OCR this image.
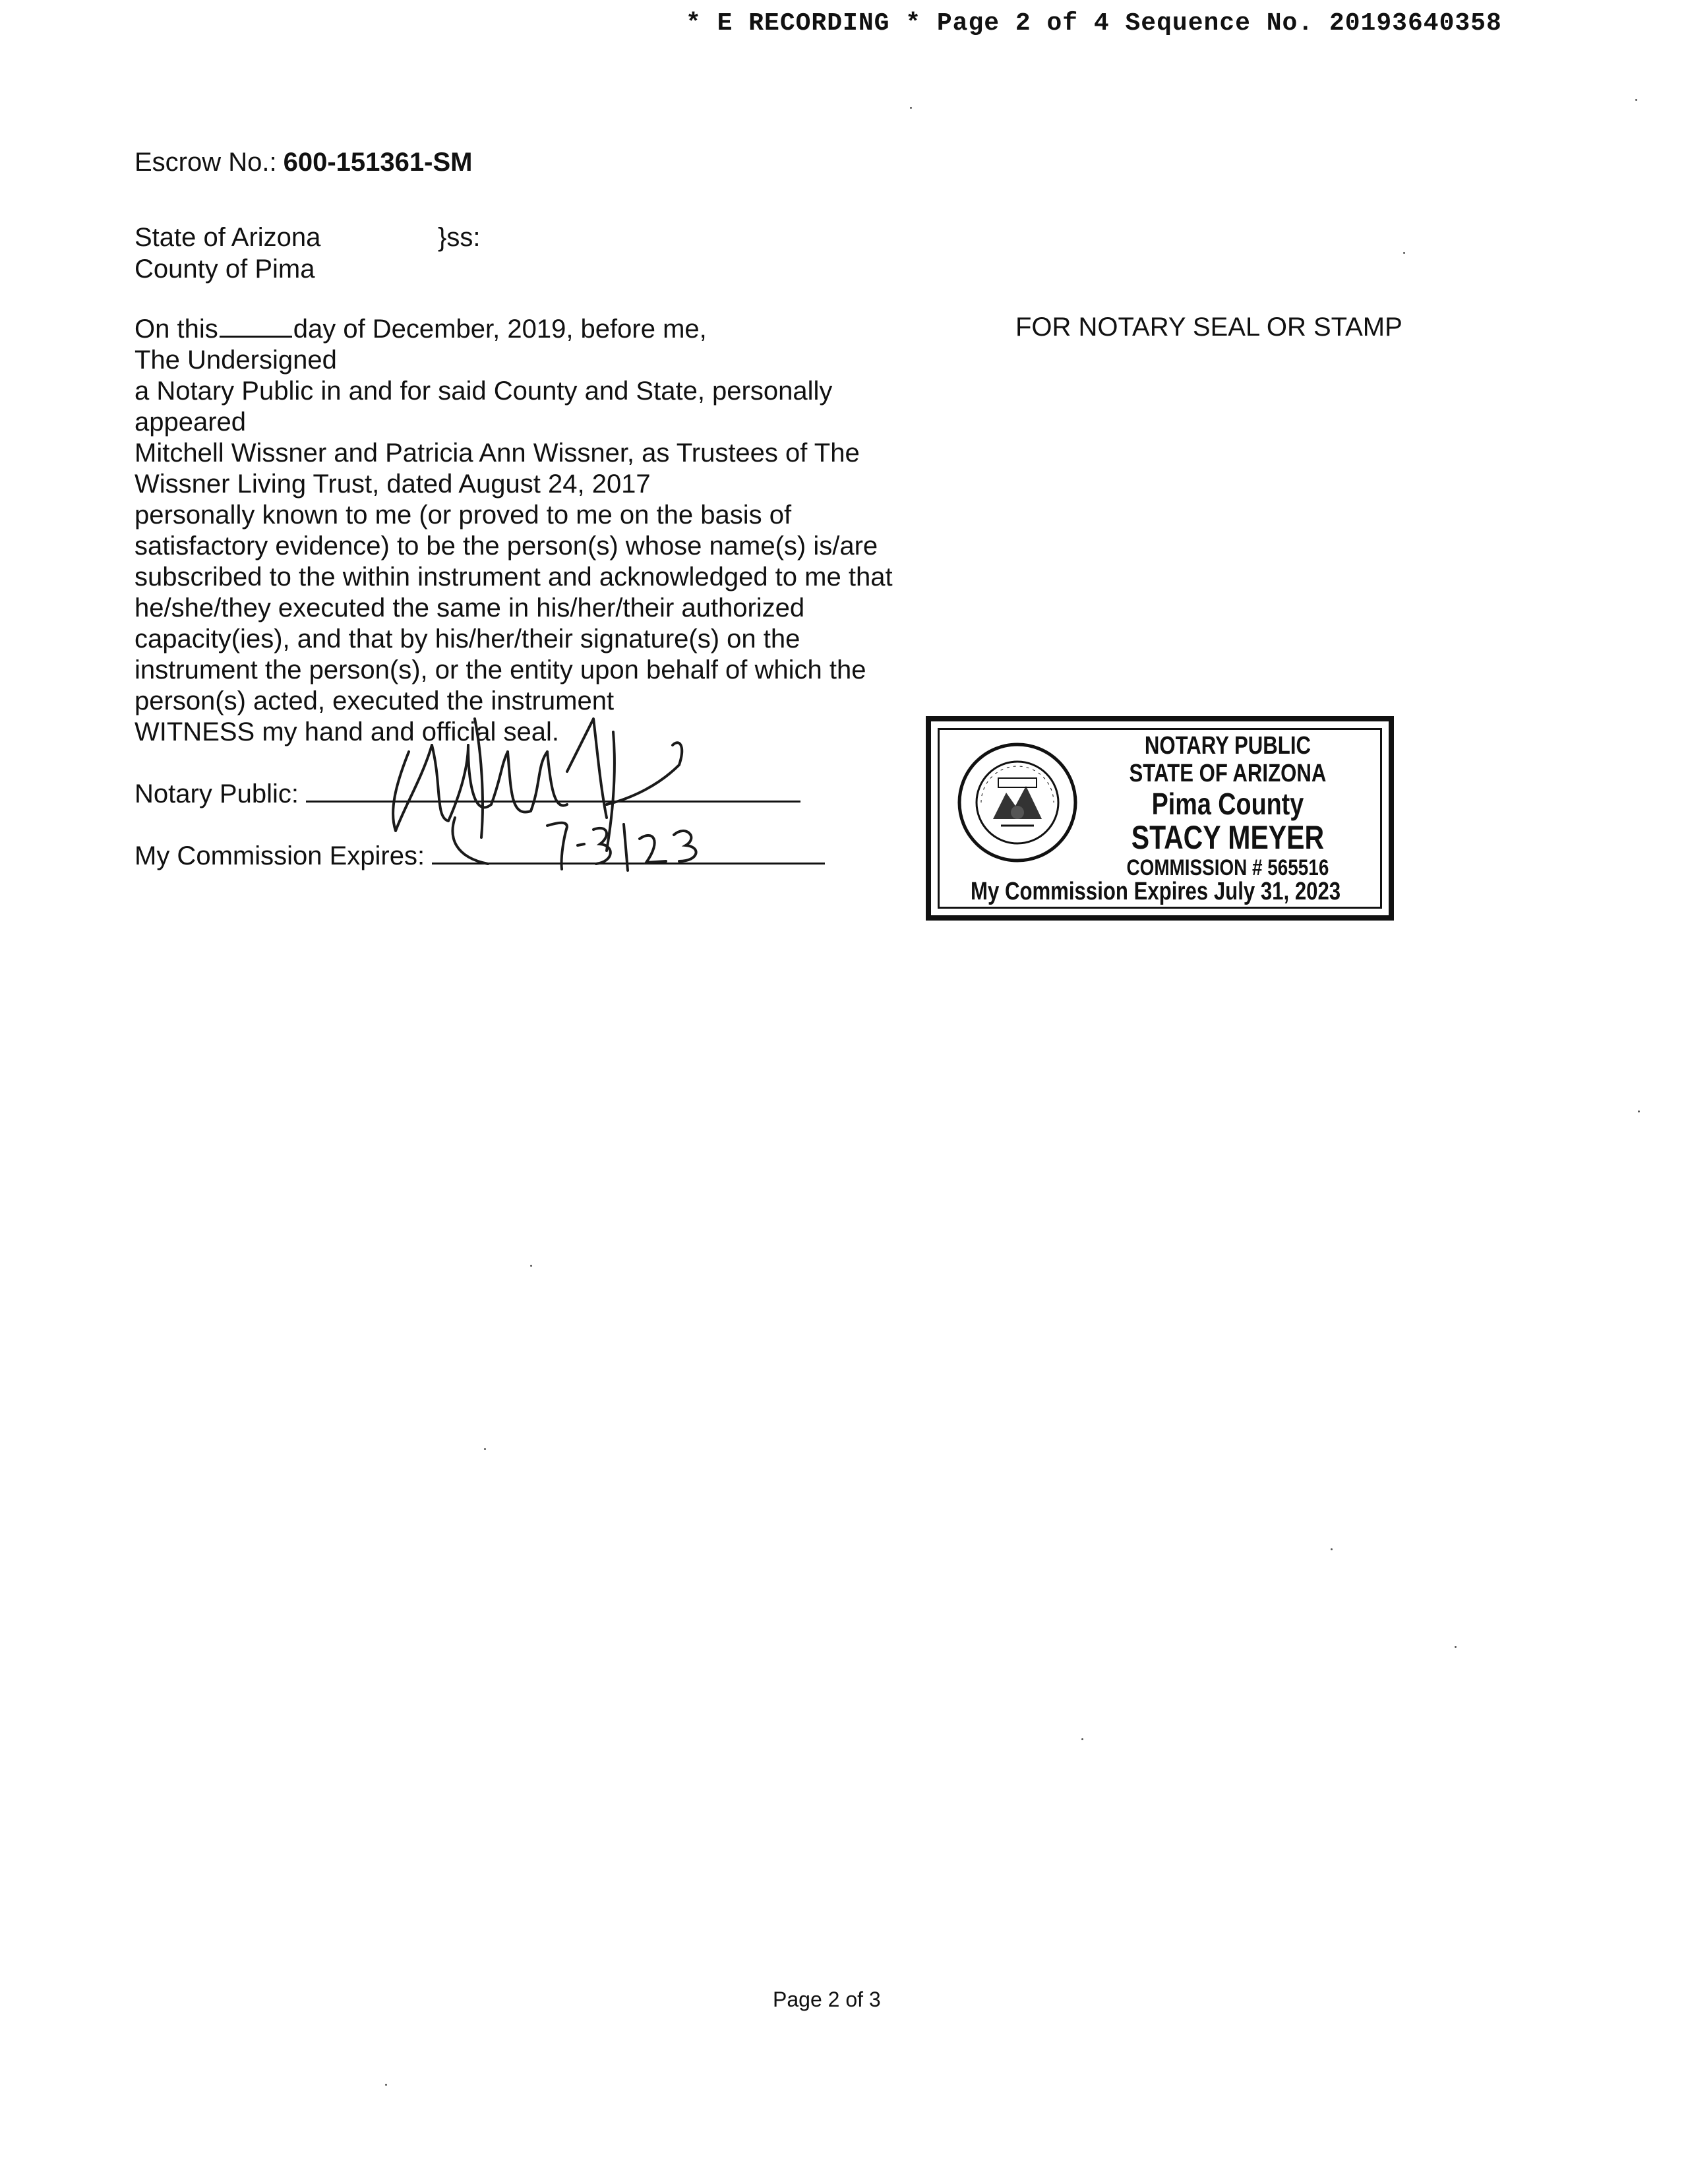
* E RECORDING * Page 2 of 4 Sequence No. 20193640358
Escrow No.: 600-151361-SM
State of Arizona
County of Pima
}ss:
On this	day of December, 2019, before me,
The Undersigned
a Notary Public in and for said County and State, personally
appeared
Mitchell Wissner and Patricia Ann Wissner, as Trustees of The
Wissner Living Trust, dated August 24, 2017
personally known to me (or proved to me on the basis of
satisfactory evidence) to be the person(s) whose name(s) is/are
subscribed to the within instrument and acknowledged to me that
he/she/they executed the same in his/her/their authorized
capacity(ies), and that by his/her/their signature(s) on the
instrument the person(s), or the entity upon behalf of which the
person(s) acted, executed the instrument
WITNESS my hand and official seal.
FOR NOTARY SEAL OR STAMP
Notary Public:
My Commission Expires:
NOTARY PUBLIC
STATE OF ARIZONA
Pima County
STACY MEYER
COMMISSION # 565516
My Commission Expires July 31, 2023
Page 2 of 3
